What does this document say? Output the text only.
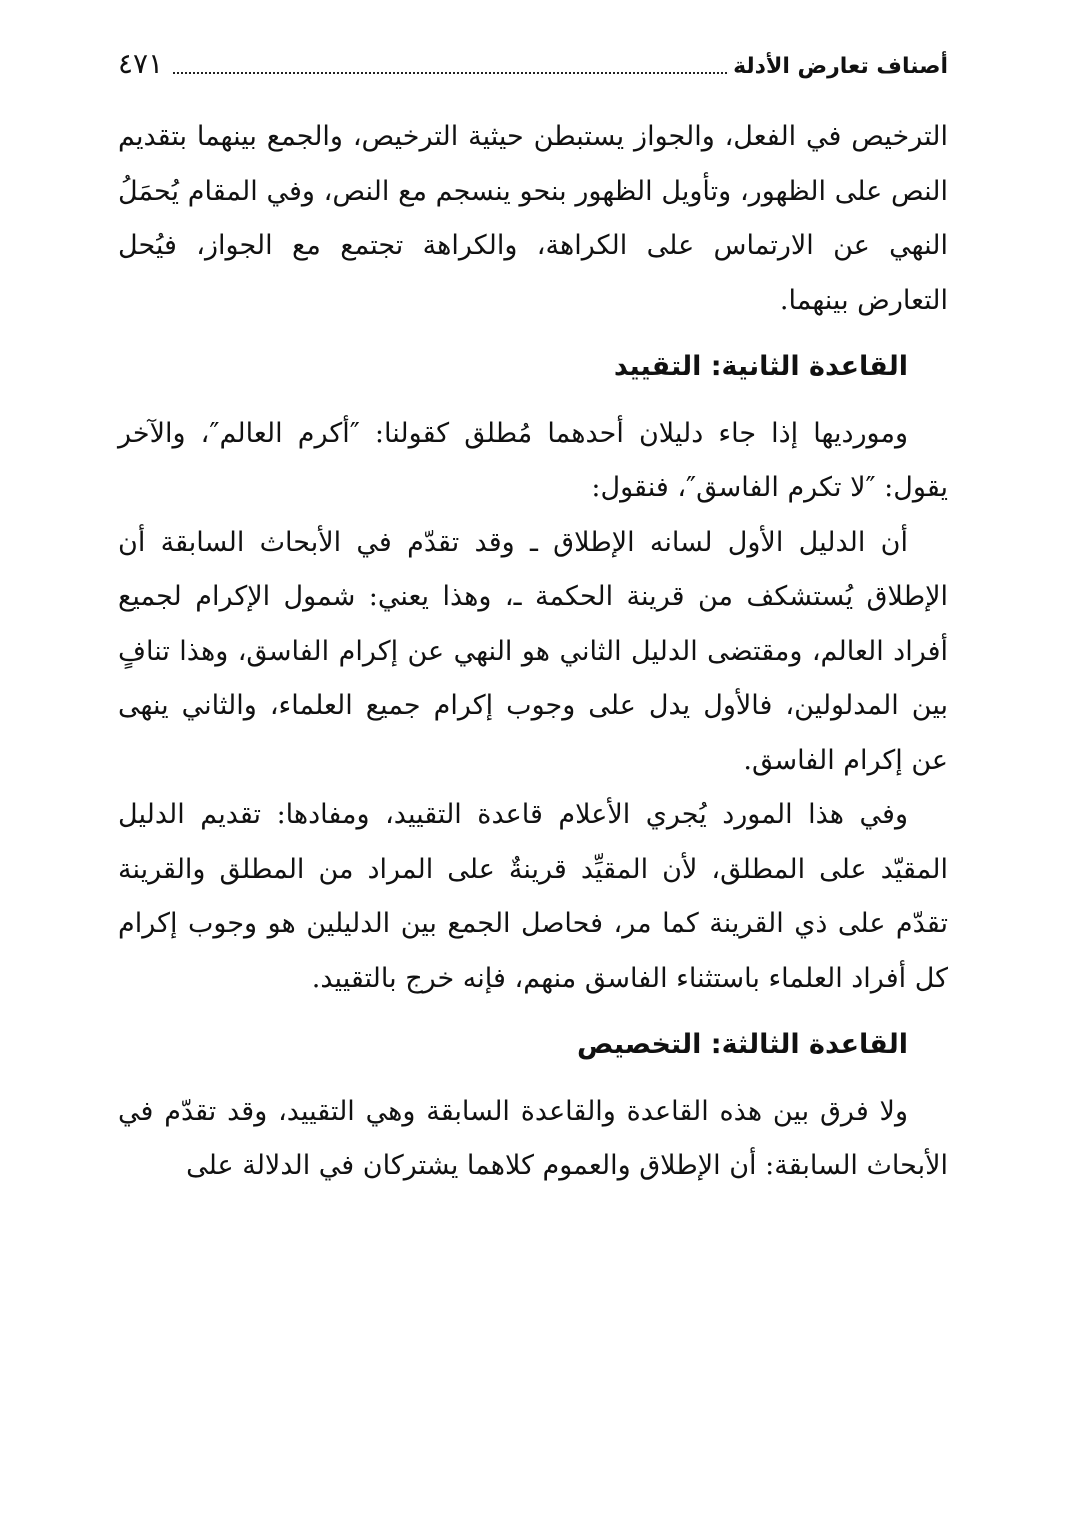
أصناف تعارض الأدلة
٤٧١

الترخيص في الفعل، والجواز يستبطن حيثية الترخيص، والجمع بينهما بتقديم النص على الظهور، وتأويل الظهور بنحو ينسجم مع النص، وفي المقام يُحمَلُ النهي عن الارتماس على الكراهة، والكراهة تجتمع مع الجواز، فيُحل التعارض بينهما.

القاعدة الثانية: التقييد

ومورديها إذا جاء دليلان أحدهما مُطلق كقولنا: ″أكرم العالم″، والآخر يقول: ″لا تكرم الفاسق″، فنقول:

أن الدليل الأول لسانه الإطلاق ـ وقد تقدّم في الأبحاث السابقة أن الإطلاق يُستشكف من قرينة الحكمة ـ، وهذا يعني: شمول الإكرام لجميع أفراد العالم، ومقتضى الدليل الثاني هو النهي عن إكرام الفاسق، وهذا تنافٍ بين المدلولين، فالأول يدل على وجوب إكرام جميع العلماء، والثاني ينهى عن إكرام الفاسق.

وفي هذا المورد يُجري الأعلام قاعدة التقييد، ومفادها: تقديم الدليل المقيّد على المطلق، لأن المقيِّد قرينةٌ على المراد من المطلق والقرينة تقدّم على ذي القرينة كما مر، فحاصل الجمع بين الدليلين هو وجوب إكرام كل أفراد العلماء باستثناء الفاسق منهم، فإنه خرج بالتقييد.

القاعدة الثالثة: التخصيص

ولا فرق بين هذه القاعدة والقاعدة السابقة وهي التقييد، وقد تقدّم في الأبحاث السابقة: أن الإطلاق والعموم كلاهما يشتركان في الدلالة على
